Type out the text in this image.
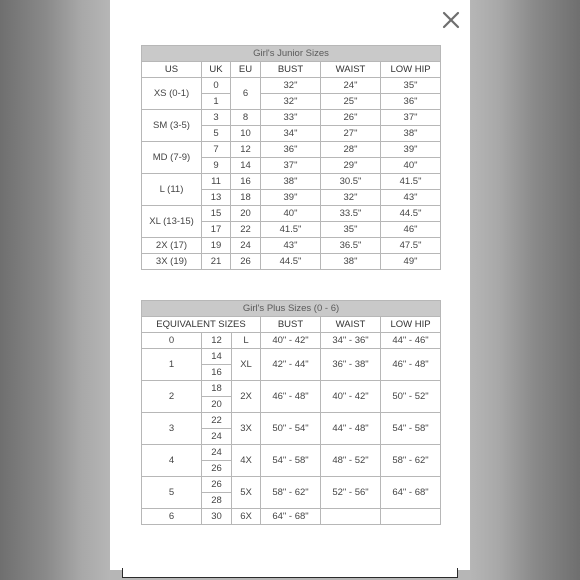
Girl's Junior Sizes					
US	UK	EU	BUST	WAIST	LOW HIP
XS (0-1)	0	6	32"	24"	35"
	1		32"	25"	36"
SM (3-5)	3	8	33"	26"	37"
	5	10	34"	27"	38"
MD (7-9)	7	12	36"	28"	39"
	9	14	37"	29"	40"
L (11)	11	16	38"	30.5"	41.5"
	13	18	39"	32"	43"
XL (13-15)	15	20	40"	33.5"	44.5"
	17	22	41.5"	35"	46"
2X (17)	19	24	43"	36.5"	47.5"
3X (19)	21	26	44.5"	38"	49"
Girl's Plus Sizes (0 - 6)					
EQUIVALENT SIZES			BUST	WAIST	LOW HIP
0	12	L	40" - 42"	34" - 36"	44" - 46"
1	14	XL	42" - 44"	36" - 38"	46" - 48"
	16				
2	18	2X	46" - 48"	40" - 42"	50" - 52"
	20				
3	22	3X	50" - 54"	44" - 48"	54" - 58"
	24				
4	24	4X	54" - 58"	48" - 52"	58" - 62"
	26				
5	26	5X	58" - 62"	52" - 56"	64" - 68"
	28				
6	30	6X	64" - 68"		
